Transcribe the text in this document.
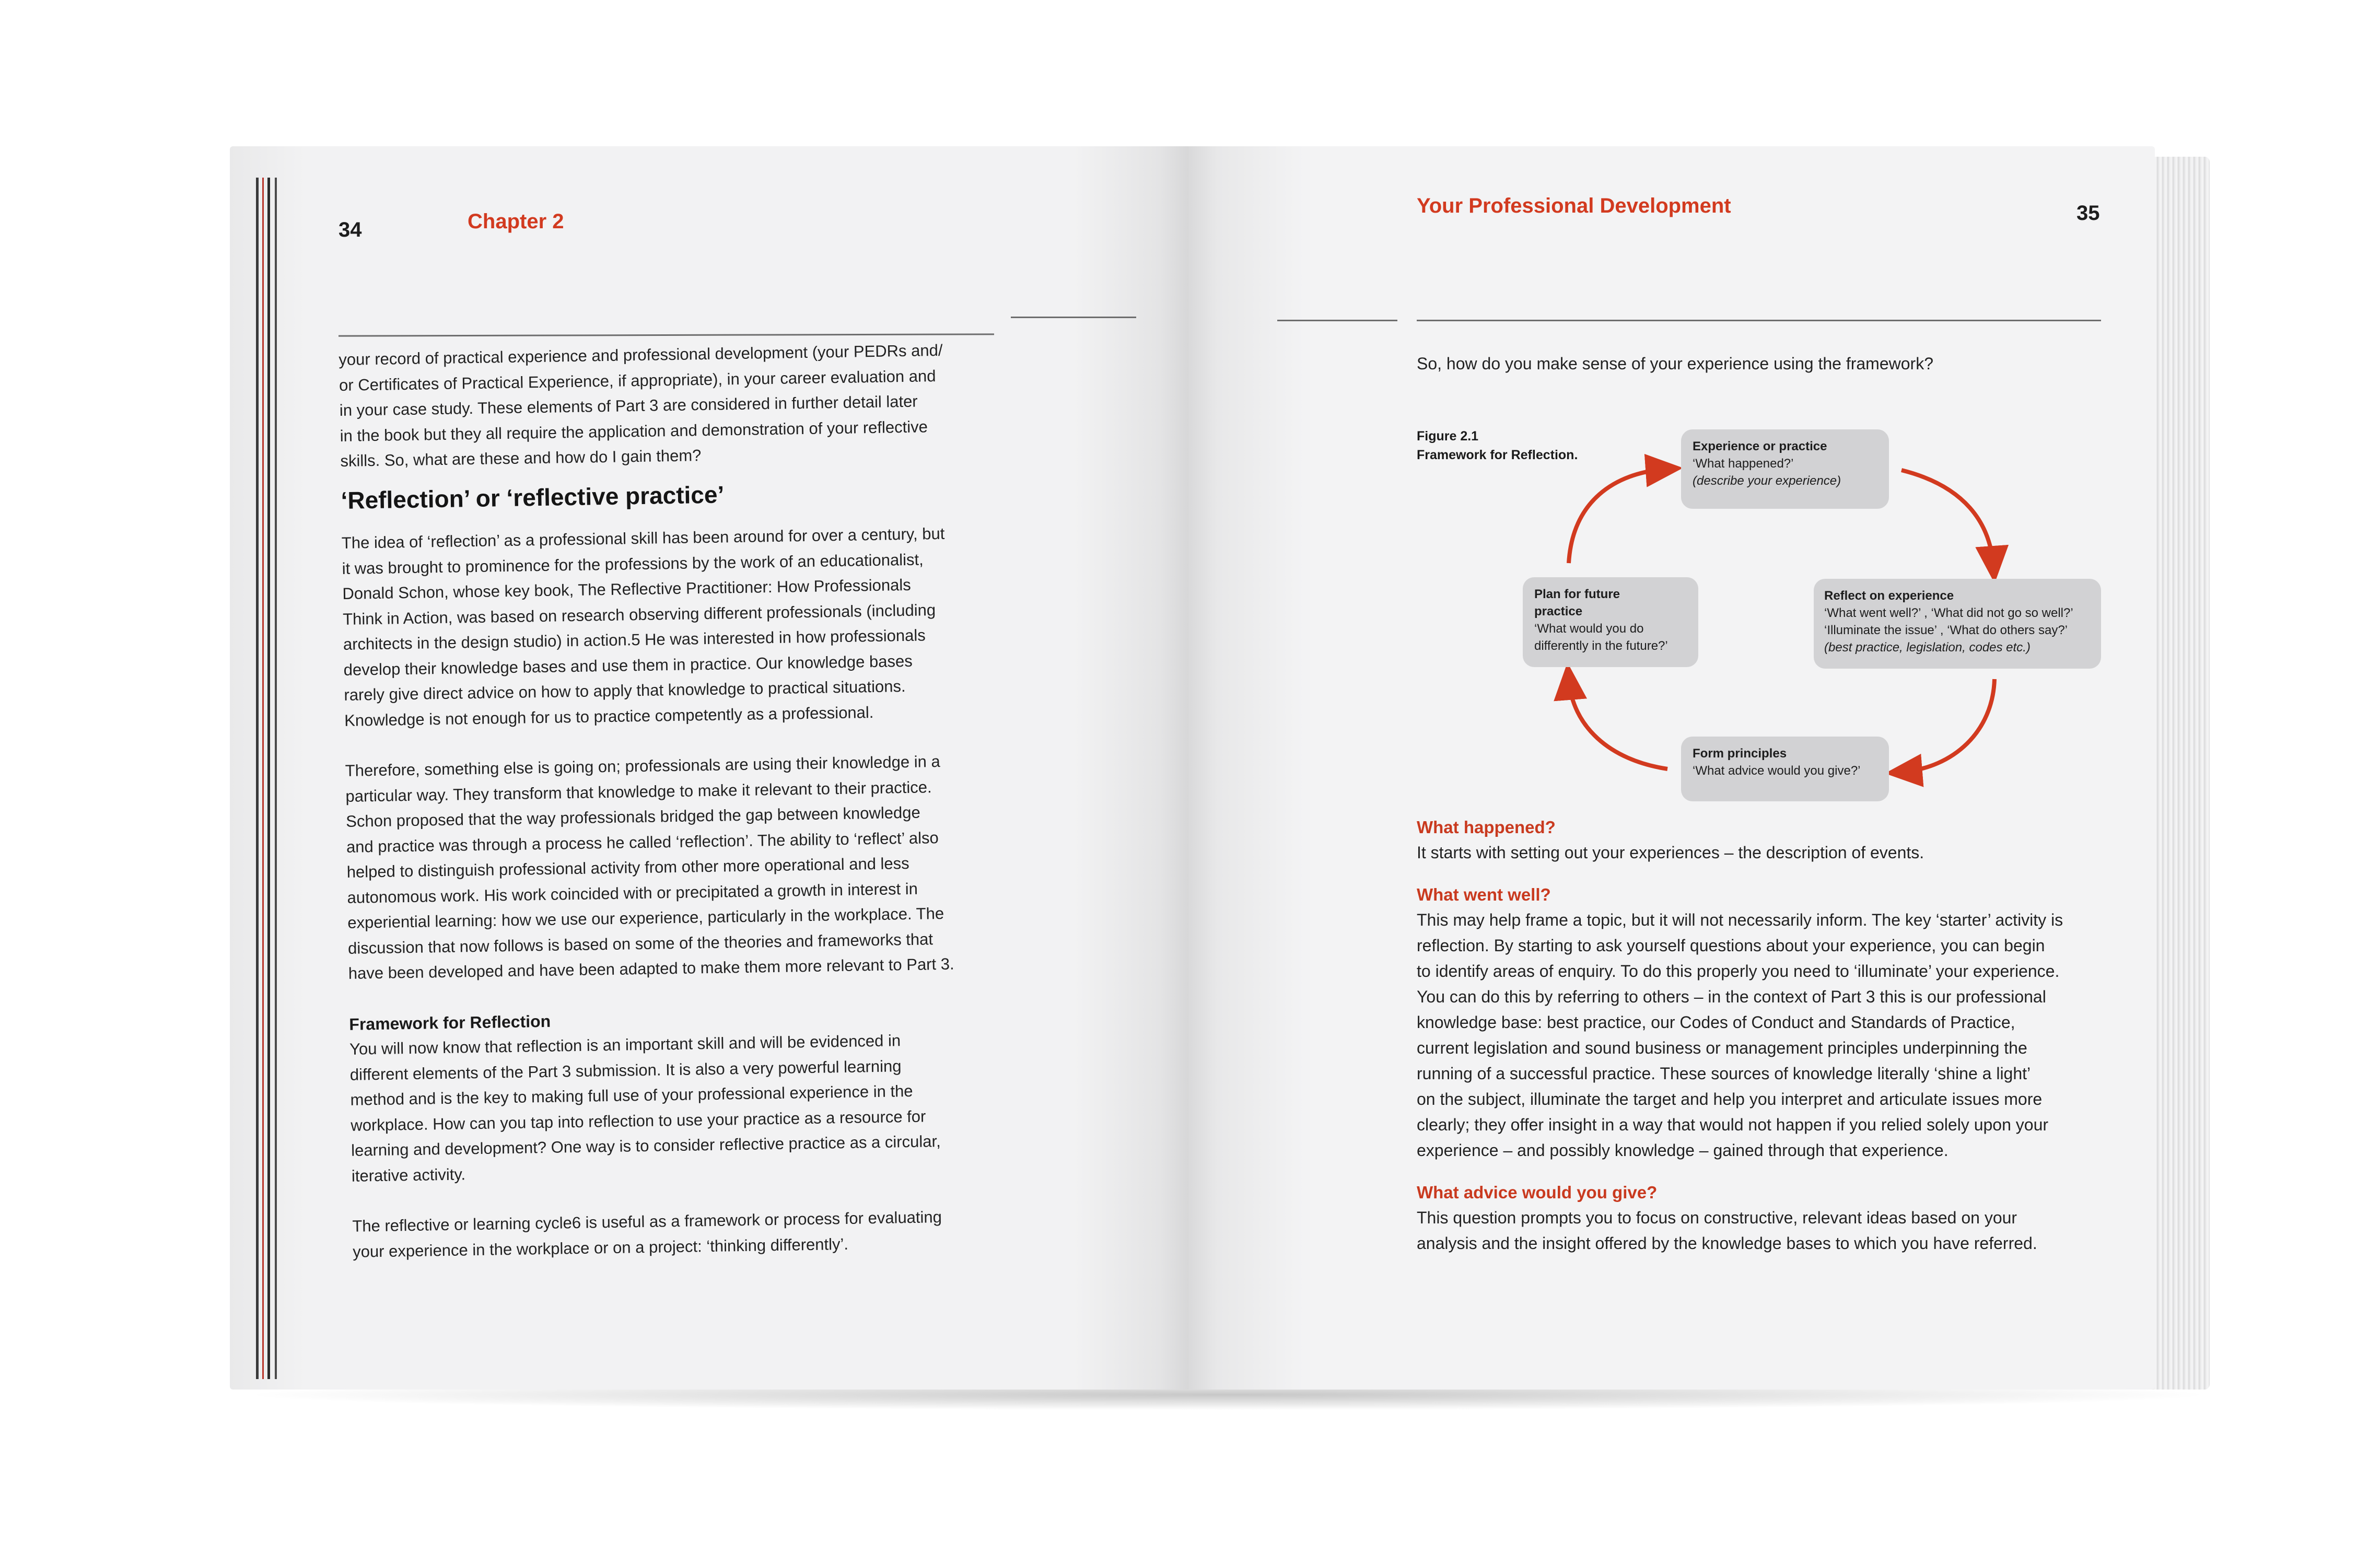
34	Chapter 2

your record of practical experience and professional development (your PEDRs and/

or Certificates of Practical Experience, if appropriate), in your career evaluation and

in your case study. These elements of Part 3 are considered in further detail later

in the book but they all require the application and demonstration of your reflective

skills. So, what are these and how do I gain them?

‘Reflection’ or ‘reflective practice’

The idea of ‘reflection’ as a professional skill has been around for over a century, but

it was brought to prominence for the professions by the work of an educationalist,

Donald Schon, whose key book, The Reflective Practitioner: How Professionals

Think in Action, was based on research observing different professionals (including

architects in the design studio) in action.5 He was interested in how professionals

develop their knowledge bases and use them in practice. Our knowledge bases

rarely give direct advice on how to apply that knowledge to practical situations.

Knowledge is not enough for us to practice competently as a professional.

Therefore, something else is going on; professionals are using their knowledge in a

particular way. They transform that knowledge to make it relevant to their practice.

Schon proposed that the way professionals bridged the gap between knowledge

and practice was through a process he called ‘reflection’. The ability to ‘reflect’ also

helped to distinguish professional activity from other more operational and less

autonomous work. His work coincided with or precipitated a growth in interest in

experiential learning: how we use our experience, particularly in the workplace. The

discussion that now follows is based on some of the theories and frameworks that

have been developed and have been adapted to make them more relevant to Part 3.

Framework for Reflection

You will now know that reflection is an important skill and will be evidenced in

different elements of the Part 3 submission. It is also a very powerful learning

method and is the key to making full use of your professional experience in the

workplace. How can you tap into reflection to use your practice as a resource for

learning and development? One way is to consider reflective practice as a circular,

iterative activity.

The reflective or learning cycle6 is useful as a framework or process for evaluating

your experience in the workplace or on a project: ‘thinking differently’.

Your Professional Development	35
So, how do you make sense of your experience using the framework?
Figure 2.1
Framework for Reflection.
Experience or practice
‘What happened?’
(describe your experience)
Reflect on experience
‘What went well?’ , ‘What did not go so well?’
‘Illuminate the issue’ , ‘What do others say?’
(best practice, legislation, codes etc.)
Plan for future
practice
‘What would you do
differently in the future?’
Form principles
‘What advice would you give?’
What happened?

It starts with setting out your experiences – the description of events.

What went well?

This may help frame a topic, but it will not necessarily inform. The key ‘starter’ activity is

reflection. By starting to ask yourself questions about your experience, you can begin

to identify areas of enquiry. To do this properly you need to ‘illuminate’ your experience.

You can do this by referring to others – in the context of Part 3 this is our professional

knowledge base: best practice, our Codes of Conduct and Standards of Practice,

current legislation and sound business or management principles underpinning the

running of a successful practice. These sources of knowledge literally ‘shine a light’

on the subject, illuminate the target and help you interpret and articulate issues more

clearly; they offer insight in a way that would not happen if you relied solely upon your

experience – and possibly knowledge – gained through that experience.

What advice would you give?

This question prompts you to focus on constructive, relevant ideas based on your

analysis and the insight offered by the knowledge bases to which you have referred.
